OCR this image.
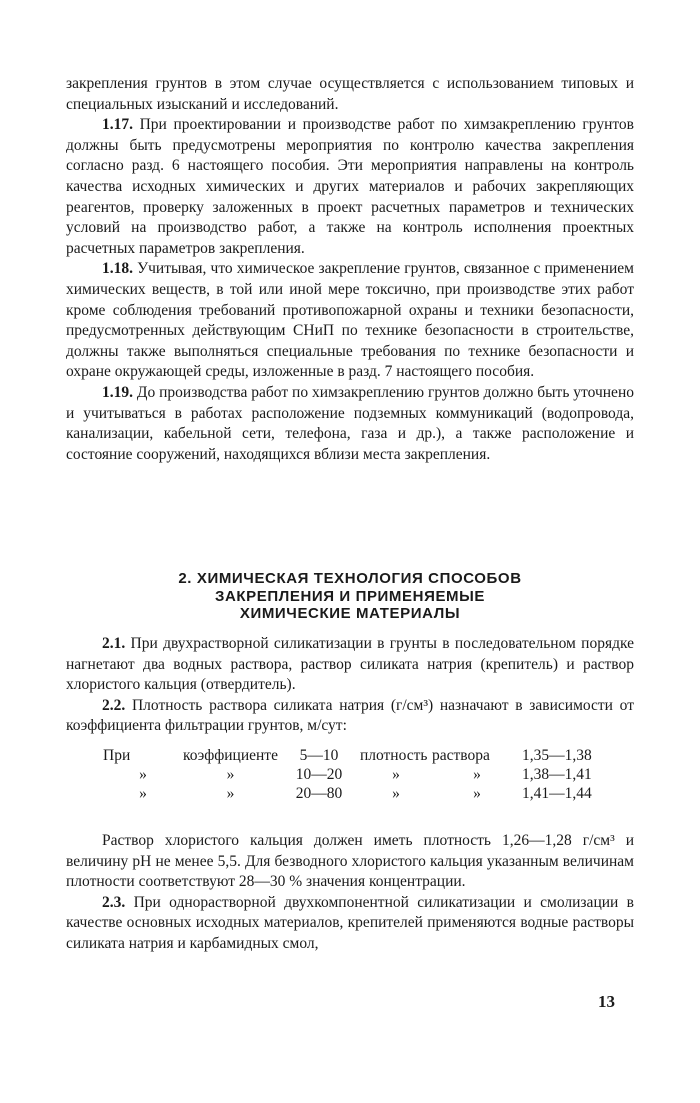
закрепления грунтов в этом случае осуществляется с использованием типовых и специальных изысканий и исследований.

1.17. При проектировании и производстве работ по химзакреплению грунтов должны быть предусмотрены мероприятия по контролю качества закрепления согласно разд. 6 настоящего пособия. Эти мероприятия направлены на контроль качества исходных химических и других материалов и рабочих закрепляющих реагентов, проверку заложенных в проект расчетных параметров и технических условий на производство работ, а также на контроль исполнения проектных расчетных параметров закрепления.

1.18. Учитывая, что химическое закрепление грунтов, связанное с применением химических веществ, в той или иной мере токсично, при производстве этих работ кроме соблюдения требований противопожарной охраны и техники безопасности, предусмотренных действующим СНиП по технике безопасности в строительстве, должны также выполняться специальные требования по технике безопасности и охране окружающей среды, изложенные в разд. 7 настоящего пособия.

1.19. До производства работ по химзакреплению грунтов должно быть уточнено и учитываться в работах расположение подземных коммуникаций (водопровода, канализации, кабельной сети, телефона, газа и др.), а также расположение и состояние сооружений, находящихся вблизи места закрепления.

2. ХИМИЧЕСКАЯ ТЕХНОЛОГИЯ СПОСОБОВ
ЗАКРЕПЛЕНИЯ И ПРИМЕНЯЕМЫЕ
ХИМИЧЕСКИЕ МАТЕРИАЛЫ

2.1. При двухрастворной силикатизации в грунты в последовательном порядке нагнетают два водных раствора, раствор силиката натрия (крепитель) и раствор хлористого кальция (отвердитель).

2.2. Плотность раствора силиката натрия (г/см³) назначают в зависимости от коэффициента фильтрации грунтов, м/сут:

При	коэффициенте	5—10	плотность	раствора	1,35—1,38
»	»	10—20	»	»	1,38—1,41
»	»	20—80	»	»	1,41—1,44

Раствор хлористого кальция должен иметь плотность 1,26—1,28 г/см³ и величину pH не менее 5,5. Для безводного хлористого кальция указанным величинам плотности соответствуют 28—30 % значения концентрации.

2.3. При однорастворной двухкомпонентной силикатизации и смолизации в качестве основных исходных материалов, крепителей применяются водные растворы силиката натрия и карбамидных смол,

13
